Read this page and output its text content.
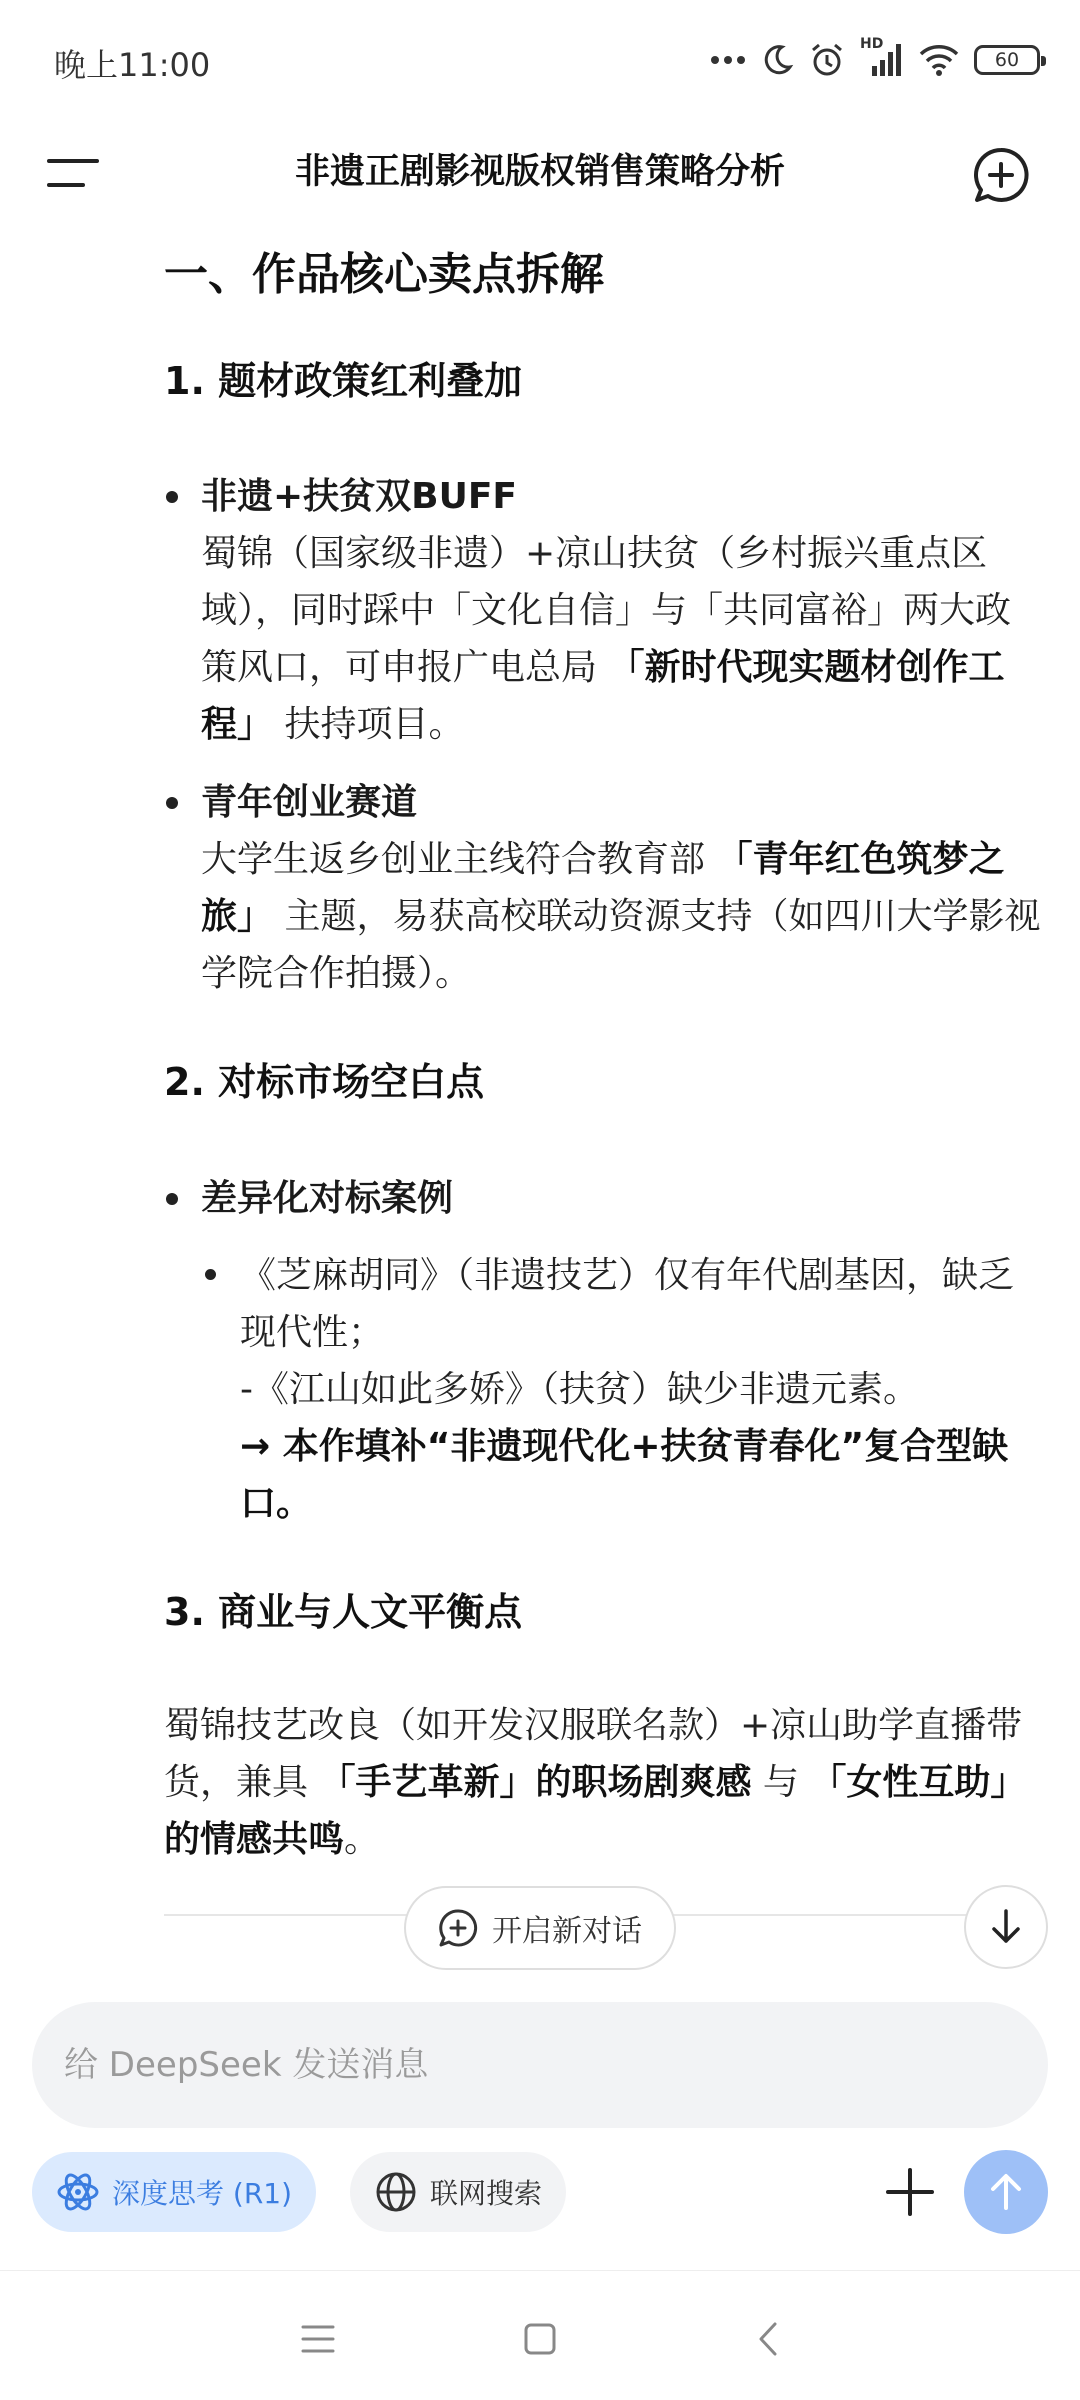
晚上11:00
HD
60
非遗正剧影视版权销售策略分析
一、作品核心卖点拆解
1. 题材政策红利叠加
非遗+扶贫双BUFF
蜀锦（国家级非遗）+凉山扶贫（乡村振兴重点区域），同时踩中「文化自信」与「共同富裕」两大政策风口，可申报广电总局 「新时代现实题材创作工程」 扶持项目。
青年创业赛道
大学生返乡创业主线符合教育部 「青年红色筑梦之旅」 主题，易获高校联动资源支持（如四川大学影视学院合作拍摄）。
2. 对标市场空白点
差异化对标案例
《芝麻胡同》（非遗技艺）仅有年代剧基因，缺乏现代性；
-《江山如此多娇》（扶贫）缺少非遗元素。
→ 本作填补“非遗现代化+扶贫青春化”复合型缺口。
3. 商业与人文平衡点
蜀锦技艺改良（如开发汉服联名款）+凉山助学直播带货，兼具 「手艺革新」的职场剧爽感 与 「女性互助」的情感共鸣。
开启新对话
给 DeepSeek 发送消息
深度思考 (R1)	联网搜索
